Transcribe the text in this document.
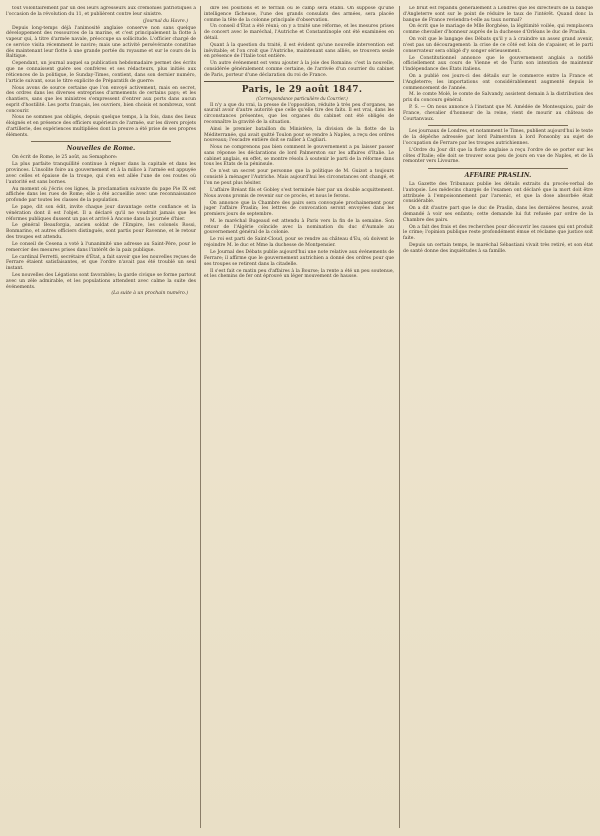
tout volontairement par un des leurs agresseurs aux crémonies patriotiques à l'occasion de la révolution du 11, et publièrent contre leur sinistre.

(Journal du Havre.)

Depuis long-temps déjà l'animosité anglaise conserve non sans quelque développement des ressources de la marine, et c'est principalement la flotte à vapeur qui, à titre d'armée navale, préoccupe sa sollicitude. L'officier chargé de ce service visita récemment le navire; mais une activité persévérante constitue dès maintenant leur flotte à une grande portée du royaume et sur le cours de la Baltique.

Cependant, un journal auquel sa publication hebdomadaire permet des écrits que ne connaissent guère ses confrères et ses rédacteurs, plus initiés aux réticences de la politique, le Sunday-Times, contient, dans son dernier numéro, l'article suivant, sous le titre explicite de Préparatifs de guerre:

Nous avons de source certaine que l'on envoyé activement, mais en secret, des ordres dans les diverses entreprises d'armements de certains pays; et les chantiers, sans que les ministres s'empressent d'entrer aux ports dans aucun esprit d'hostilité. Les ports français, les ouvriers, bien choisis et nombreux, vont concourir.

Nous ne sommes pas obligés, depuis quelque temps, à la fois, dans des lieux éloignés et en présence des officiers supérieurs de l'armée, sur les divers projets d'artillerie, des expériences multipliées dont la preuve a été prise de ses propres éléments.

Nouvelles de Rome.

On écrit de Rome, le 25 août, au Semaphore:

La plus parfaite tranquillité continue à régner dans la capitale et dans les provinces. L'insolite foire au gouvernement et à la milice à l'armée est appuyée avec celles et épaisse de la troupe, qui s'en est allée l'une de ces routes où l'autorité est sans bornes.

Au moment où j'écris ces lignes, la proclamation suivante du pape Pie IX est affichée dans les rues de Rome; elle a été accueillie avec une reconnaissance profonde par toutes les classes de la population.

Le pape, dit son édit, invite chaque jour davantage cette confiance et la vénération dont il est l'objet. Il a déclaré qu'il ne voudrait jamais que les réformes publiques dussent un pas et arrivé à Ancone dans la journée d'hier.

Le général Beauforgia, ancien soldat de l'Empire, les colonels Rossi, Bonmarino, et autres officiers distingués, sont partis pour Ravenne, et le retour des troupes est attendu.

Le conseil de Cesena a voté à l'unanimité une adresse au Saint-Père, pour le remercier des mesures prises dans l'intérêt de la paix publique.

Le cardinal Ferretti, secrétaire d'État, a fait savoir que les nouvelles reçues de Ferrare étaient satisfaisantes, et que l'ordre n'avait pas été troublé un seul instant.

Les nouvelles des Légations sont favorables; la garde civique se forme partout avec un zèle admirable, et les populations attendent avec calme la suite des événements.

(La suite à un prochain numéro.)

dire les positions et le terrain où le camp sera établi. On suppose qu'une intelligence fâcheuse, l'une des grands consulats des armées, sera placée comme la tête de la colonne principale d'observation.

Un conseil d'État a été réuni; on y a traité une réforme, et les mesures prises de concert avec le maréchal, l'Autriche et Constantinople ont été examinées en détail.

Quant à la question du traité, il est évident qu'une nouvelle intervention est inévitable; et l'on croit que l'Autriche, maintenant sans alliés, se trouvera seule en présence de l'Italie tout entière.

Un autre événement est venu ajouter à la joie des Romains: c'est la nouvelle, considérée généralement comme certaine, de l'arrivée d'un courrier du cabinet de Paris, porteur d'une déclaration du roi de France.

Paris, le 29 août 1847.

(Correspondance particulière du Courrier.)

Il n'y a que du vrai, la presse de l'opposition, réduite à très peu d'organes, ne saurait avoir d'autre autorité que celle qu'elle tire des faits. Il est vrai, dans les circonstances présentes, que les organes du cabinet ont été obligés de reconnaître la gravité de la situation.

Ainsi le premier bataillon du Ministère, la division de la flotte de la Méditerranée, qui avait quitté Toulon pour se rendre à Naples, a reçu des ordres nouveaux; l'escadre entière doit se rallier à Cagliari.

Nous ne comprenons pas bien comment le gouvernement a pu laisser passer sans réponse les déclarations de lord Palmerston sur les affaires d'Italie. Le cabinet anglais, en effet, se montre résolu à soutenir le parti de la réforme dans tous les États de la péninsule.

Ce n'est un secret pour personne que la politique de M. Guizot a toujours consisté à ménager l'Autriche. Mais aujourd'hui les circonstances ont changé, et l'on ne peut plus hésiter.

L'affaire Bréant fils et Gobley s'est terminée hier par un double acquittement. Nous avons promis de revenir sur ce procès, et nous le ferons.

On annonce que la Chambre des pairs sera convoquée prochainement pour juger l'affaire Praslin; les lettres de convocation seront envoyées dans les premiers jours de septembre.

M. le maréchal Bugeaud est attendu à Paris vers la fin de la semaine. Son retour de l'Algérie coïncide avec la nomination du duc d'Aumale au gouvernement général de la colonie.

Le roi est parti de Saint-Cloud, pour se rendre au château d'Eu, où doivent le rejoindre M. le duc et Mme la duchesse de Montpensier.

Le Journal des Débats publie aujourd'hui une note relative aux événements de Ferrare; il affirme que le gouvernement autrichien a donné des ordres pour que ses troupes se retirent dans la citadelle.

Il s'est fait ce matin peu d'affaires à la Bourse; la rente a été un peu soutenue, et les chemins de fer ont éprouvé un léger mouvement de hausse.

Le bruit est répandu généralement à Londres que les directeurs de la banque d'Angleterre sont sur le point de réduire le taux de l'intérêt. Quand donc la banque de France reviendra-t-elle au taux normal?

On écrit que le mariage de Mlle Borghèse, la légitimité voilée, qui remplacera comme chevalier d'honneur auprès de la duchesse d'Orléans le duc de Praslin.

On voit que le langage des Débats qu'il y a à craindre un assez grand avenir, n'est pas un découragement: la crise de ce côté est loin de s'apaiser, et le parti conservateur sera obligé d'y songer sérieusement.

Le Constitutionnel annonce que le gouvernement anglais a notifié officiellement aux cours de Vienne et de Turin son intention de maintenir l'indépendance des États italiens.

On a publié ces jours-ci des détails sur le commerce entre la France et l'Angleterre; les importations ont considérablement augmenté depuis le commencement de l'année.

M. le comte Molé, le comte de Salvandy, assistent demain à la distribution des prix du concours général.

P. S. — On nous annonce à l'instant que M. Amédée de Montesquiou, pair de France, chevalier d'honneur de la reine, vient de mourir au château de Courtanvaux.

Les journaux de Londres, et notamment le Times, publient aujourd'hui le texte de la dépêche adressée par lord Palmerston à lord Ponsonby au sujet de l'occupation de Ferrare par les troupes autrichiennes.

L'Ordre du Jour dit que la flotte anglaise a reçu l'ordre de se porter sur les côtes d'Italie; elle doit se trouver sous peu de jours en vue de Naples, et de là remonter vers Livourne.

AFFAIRE PRASLIN.

La Gazette des Tribunaux publie les détails extraits du procès-verbal de l'autopsie. Les médecins chargés de l'examen ont déclaré que la mort doit être attribuée à l'empoisonnement par l'arsenic, et que la dose absorbée était considérable.

On a dit d'autre part que le duc de Praslin, dans les dernières heures, avait demandé à voir ses enfants; cette demande lui fut refusée par ordre de la Chambre des pairs.

On a fait des frais et des recherches pour découvrir les causes qui ont produit le crime; l'opinion publique reste profondément émue et réclame que justice soit faite.

Depuis un certain temps, le maréchal Sébastiani vivait très retiré, et son état de santé donne des inquiétudes à sa famille.
